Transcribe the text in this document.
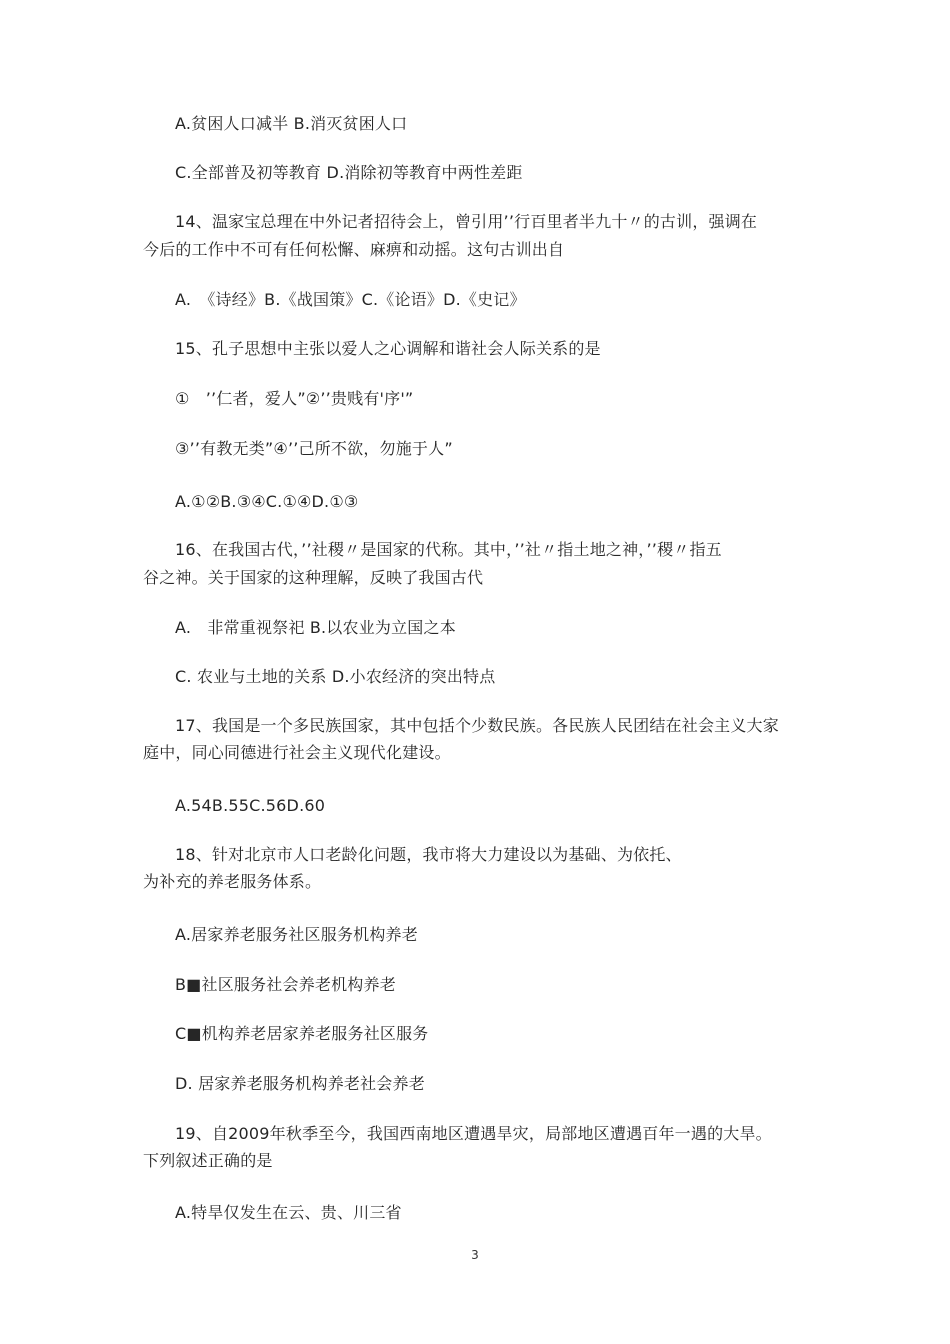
A.贫困人口减半 B.消灭贫困人口
C.全部普及初等教育 D.消除初等教育中两性差距
14、温家宝总理在中外记者招待会上，曾引用’’行百里者半九十〃的古训，强调在
今后的工作中不可有任何松懈、麻痹和动摇。这句古训出自
A.　《诗经》B.《战国策》C.《论语》D.《史记》
15、孔子思想中主张以爱人之心调解和谐社会人际关系的是
①　’’仁者，爱人”②’’贵贱有'序'”
③’’有教无类”④’’己所不欲，勿施于人”
A.①②B.③④C.①④D.①③
16、在我国古代，’’社稷〃是国家的代称。其中，’’社〃指土地之神，’’稷〃指五
谷之神。关于国家的这种理解，反映了我国古代
A.　非常重视祭祀 B.以农业为立国之本
C. 农业与土地的关系 D.小农经济的突出特点
17、我国是一个多民族国家，其中包括个少数民族。各民族人民团结在社会主义大家
庭中，同心同德进行社会主义现代化建设。
A.54B.55C.56D.60
18、针对北京市人口老龄化问题，我市将大力建设以为基础、为依托、
为补充的养老服务体系。
A.居家养老服务社区服务机构养老
B■社区服务社会养老机构养老
C■机构养老居家养老服务社区服务
D. 居家养老服务机构养老社会养老
19、自2009年秋季至今，我国西南地区遭遇旱灾，局部地区遭遇百年一遇的大旱。
下列叙述正确的是
A.特旱仅发生在云、贵、川三省
3
